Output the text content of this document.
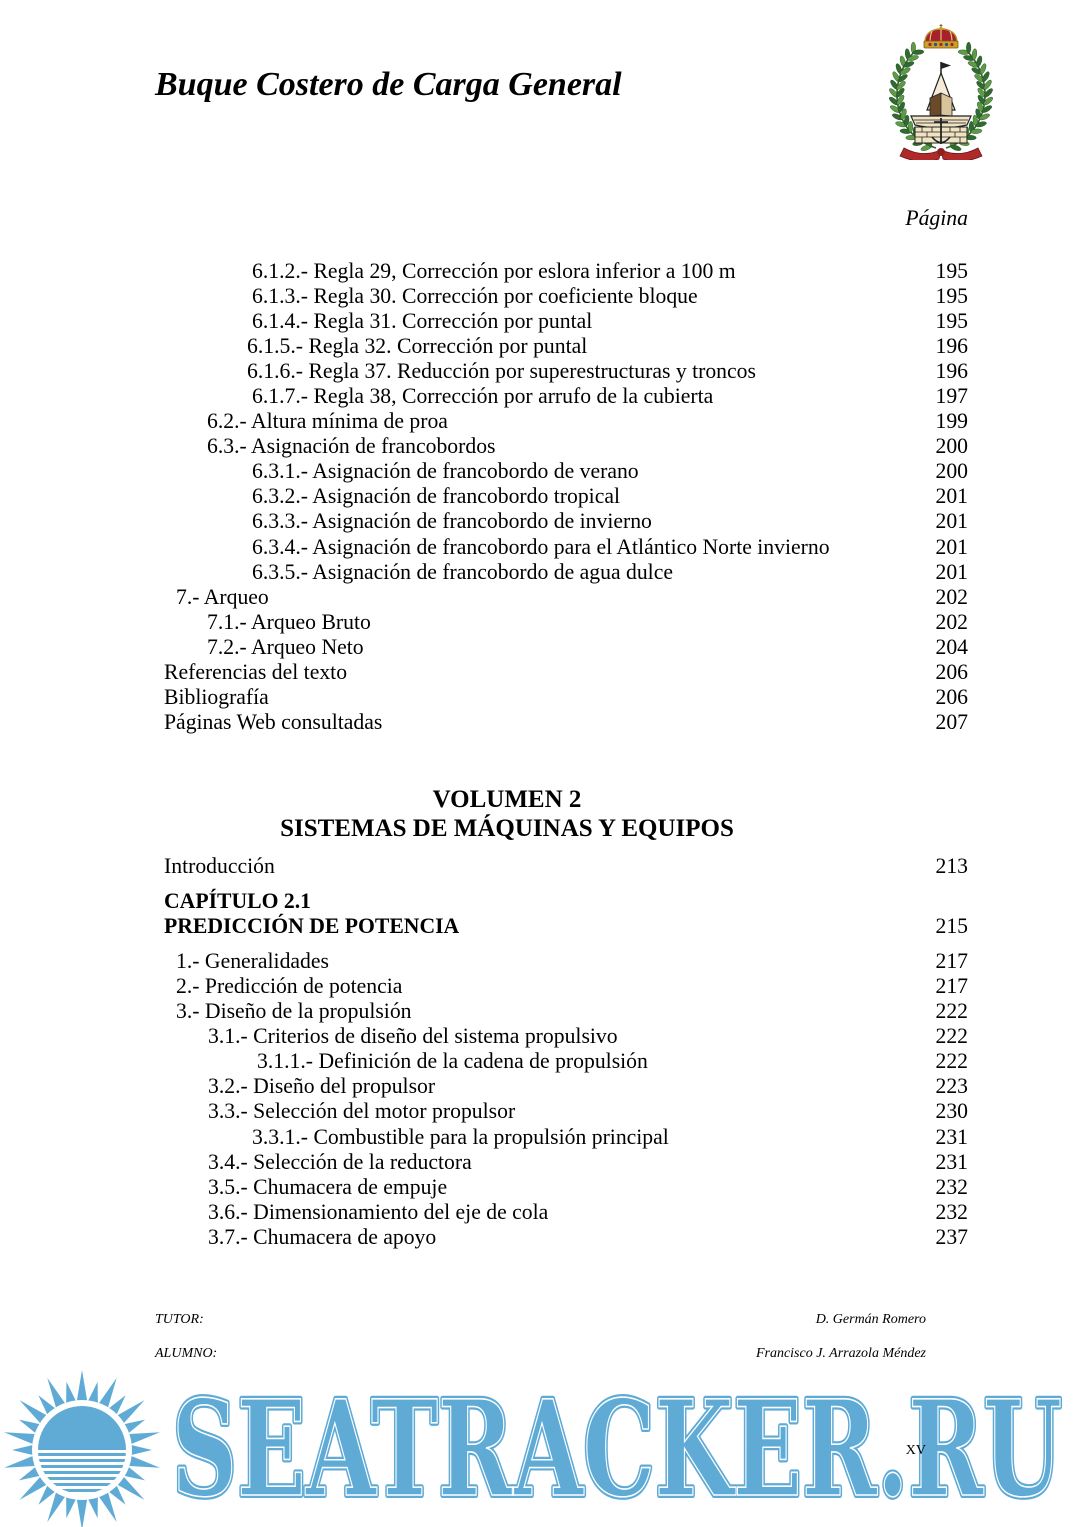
Buque Costero de Carga General
Página
6.1.2.- Regla 29, Corrección por eslora inferior a 100 m	195
6.1.3.- Regla 30. Corrección por coeficiente bloque	195
6.1.4.- Regla 31. Corrección por puntal	195
6.1.5.- Regla 32. Corrección por puntal	196
6.1.6.- Regla 37. Reducción por superestructuras y troncos	196
6.1.7.- Regla 38, Corrección por arrufo de la cubierta	197
6.2.- Altura mínima de proa	199
6.3.- Asignación de francobordos	200
6.3.1.- Asignación de francobordo de verano	200
6.3.2.- Asignación de francobordo tropical	201
6.3.3.- Asignación de francobordo de invierno	201
6.3.4.- Asignación de francobordo para el Atlántico Norte invierno	201
6.3.5.- Asignación de francobordo de agua dulce	201
7.- Arqueo	202
7.1.- Arqueo Bruto	202
7.2.- Arqueo Neto	204
Referencias del texto	206
Bibliografía	206
Páginas Web consultadas	207
VOLUMEN 2
SISTEMAS DE MÁQUINAS Y EQUIPOS
Introducción	213
CAPÍTULO 2.1
PREDICCIÓN DE POTENCIA	215
1.- Generalidades	217
2.- Predicción de potencia	217
3.- Diseño de la propulsión	222
3.1.- Criterios de diseño del sistema propulsivo	222
3.1.1.- Definición de la cadena de propulsión	222
3.2.- Diseño del propulsor	223
3.3.- Selección del motor propulsor	230
3.3.1.- Combustible para la propulsión principal	231
3.4.- Selección de la reductora	231
3.5.- Chumacera de empuje	232
3.6.- Dimensionamiento del eje de cola	232
3.7.- Chumacera de apoyo	237
TUTOR:	D. Germán Romero
ALUMNO:	Francisco J. Arrazola Méndez
SEATRACKER.RU
SEATRACKER.RU
XV
